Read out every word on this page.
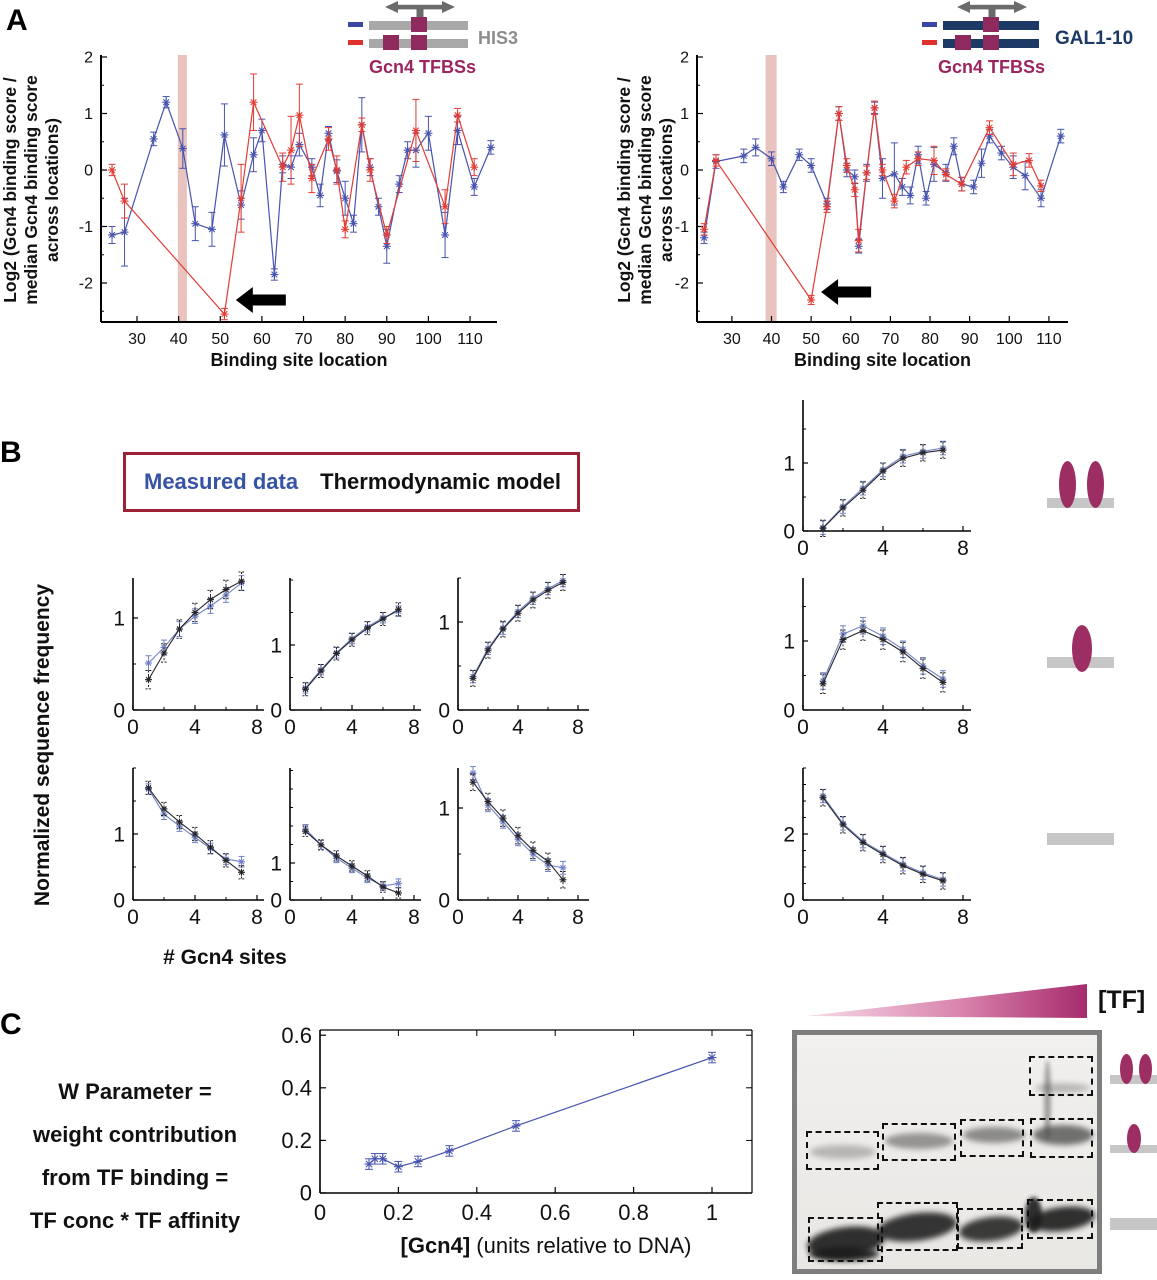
30 40 50 60 70 80 90 100 110
-2
-1
0
1
2
30 40 50 60 70 80 90 100 110
-2
-1
0
1
2
0	4	8
0
1
0 4 8
0
1
0 4 8
0
1
0 4 8
0
1
0	4	8
0
1
0 4 8
0
1
0 4 8
0
1
0 4 8
0
1
0	4	8
0
2
0	0.2 0.4 0.6 0.8	1
0
0.2
0.4
0.6
A
B
C
Log2 (Gcn4 binding score / median Gcn4 binding score across locations)	Log2 (Gcn4 binding score / median Gcn4 binding score across locations)
Binding site location	Binding site location
HIS3
Gcn4 TFBSs
GAL1-10
Gcn4 TFBSs
Measured data Thermodynamic model
Normalized sequence frequency
# Gcn4 sites
W Parameter =
weight contribution
from TF binding =
TF conc * TF affinity
[Gcn4] (units relative to DNA)
[TF]
